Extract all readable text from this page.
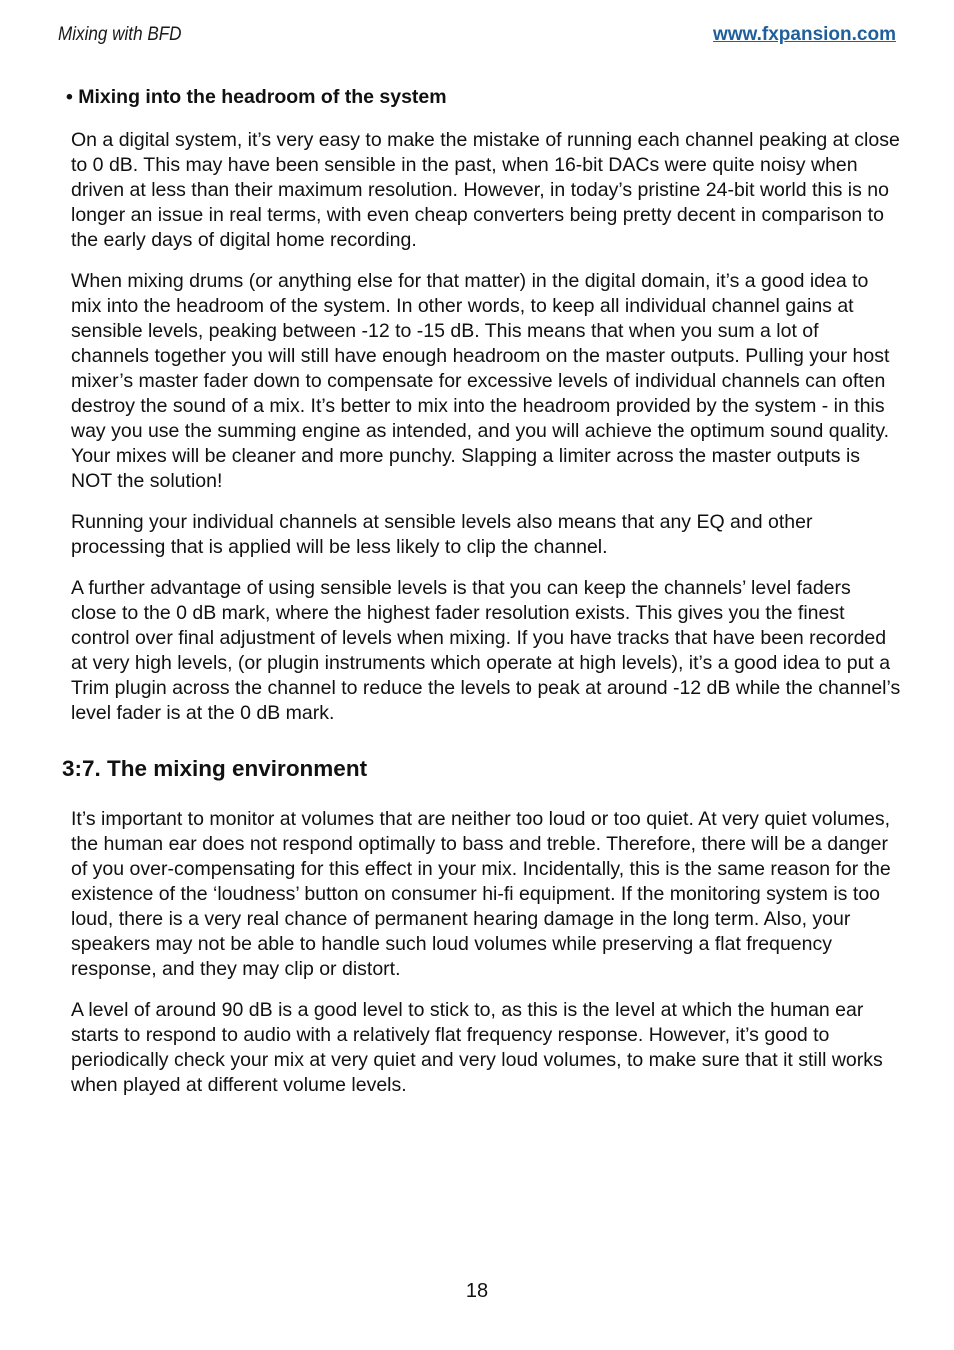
Mixing with BFD	www.fxpansion.com
• Mixing into the headroom of the system

On a digital system, it’s very easy to make the mistake of running each channel peaking at close to 0 dB. This may have been sensible in the past, when 16-bit DACs were quite noisy when driven at less than their maximum resolution. However, in today’s pristine 24-bit world this is no longer an issue in real terms, with even cheap converters being pretty decent in comparison to the early days of digital home recording.

When mixing drums (or anything else for that matter) in the digital domain, it’s a good idea to mix into the headroom of the system. In other words, to keep all individual channel gains at sensible levels, peaking between -12 to -15 dB. This means that when you sum a lot of channels together you will still have enough headroom on the master outputs. Pulling your host mixer’s master fader down to compensate for excessive levels of individual channels can often destroy the sound of a mix. It’s better to mix into the headroom provided by the system - in this way you use the summing engine as intended, and you will achieve the optimum sound quality. Your mixes will be cleaner and more punchy. Slapping a limiter across the master outputs is NOT the solution!

Running your individual channels at sensible levels also means that any EQ and other processing that is applied will be less likely to clip the channel.

A further advantage of using sensible levels is that you can keep the channels’ level faders close to the 0 dB mark, where the highest fader resolution exists. This gives you the finest control over final adjustment of levels when mixing. If you have tracks that have been recorded at very high levels, (or plugin instruments which operate at high levels), it’s a good idea to put a Trim plugin across the channel to reduce the levels to peak at around -12 dB while the channel’s level fader is at the 0 dB mark.

3:7. The mixing environment

It’s important to monitor at volumes that are neither too loud or too quiet. At very quiet volumes, the human ear does not respond optimally to bass and treble. Therefore, there will be a danger of you over-compensating for this effect in your mix. Incidentally, this is the same reason for the existence of the ‘loudness’ button on consumer hi-fi equipment. If the monitoring system is too loud, there is a very real chance of permanent hearing damage in the long term. Also, your speakers may not be able to handle such loud volumes while preserving a flat frequency response, and they may clip or distort.

A level of around 90 dB is a good level to stick to, as this is the level at which the human ear starts to respond to audio with a relatively flat frequency response. However, it’s good to periodically check your mix at very quiet and very loud volumes, to make sure that it still works when played at different volume levels.

18
